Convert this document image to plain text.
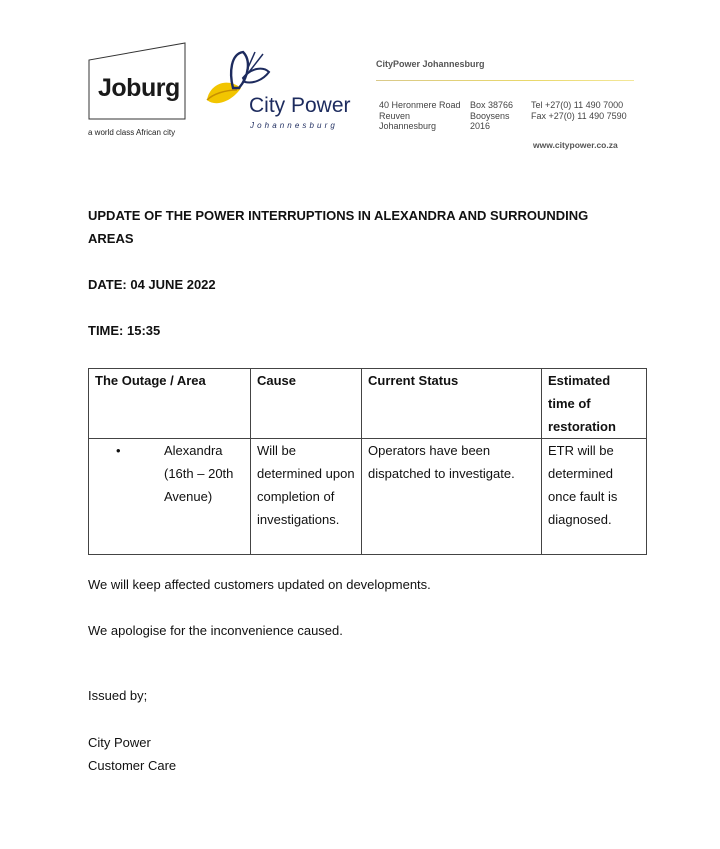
Joburg
a world class African city
City Power
Johannesburg
CityPower Johannesburg
40 Heronmere Road
Reuven
Johannesburg
Box 38766
Booysens
2016
Tel +27(0) 11 490 7000
Fax +27(0) 11 490 7590
www.citypower.co.za
UPDATE OF THE POWER INTERRUPTIONS IN ALEXANDRA AND SURROUNDING AREAS
DATE: 04 JUNE 2022
TIME: 15:35
The Outage / Area	Cause	Current Status	Estimated time of restoration

• Alexandra (16th – 20th Avenue)	Will be determined upon completion of investigations.	Operators have been dispatched to investigate.	ETR will be determined once fault is diagnosed.
We will keep affected customers updated on developments.
We apologise for the inconvenience caused.
Issued by;
City Power
Customer Care
